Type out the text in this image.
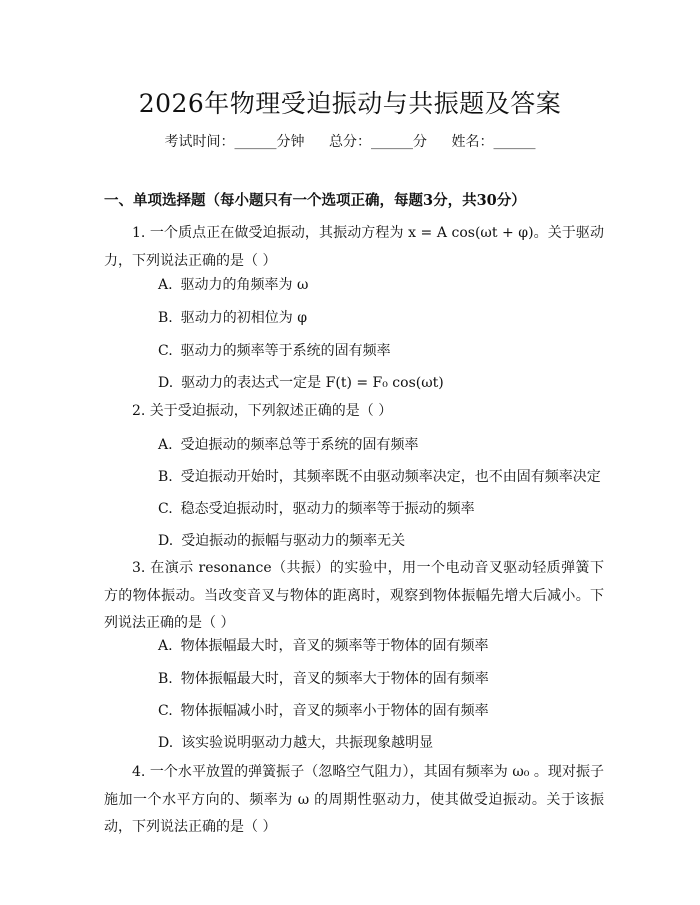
2026年物理受迫振动与共振题及答案
考试时间：______分钟 总分：______分 姓名：______
一、单项选择题（每小题只有一个选项正确，每题3分，共30分）
1. 一个质点正在做受迫振动，其振动方程为 x = A cos(ωt + φ)。关于驱动力，下列说法正确的是（ ）
A. 驱动力的角频率为 ω
B. 驱动力的初相位为 φ
C. 驱动力的频率等于系统的固有频率
D. 驱动力的表达式一定是 F(t) = F₀ cos(ωt)
2. 关于受迫振动，下列叙述正确的是（ ）
A. 受迫振动的频率总等于系统的固有频率
B. 受迫振动开始时，其频率既不由驱动频率决定，也不由固有频率决定
C. 稳态受迫振动时，驱动力的频率等于振动的频率
D. 受迫振动的振幅与驱动力的频率无关
3. 在演示 resonance（共振）的实验中，用一个电动音叉驱动轻质弹簧下方的物体振动。当改变音叉与物体的距离时，观察到物体振幅先增大后减小。下列说法正确的是（ ）
A. 物体振幅最大时，音叉的频率等于物体的固有频率
B. 物体振幅最大时，音叉的频率大于物体的固有频率
C. 物体振幅减小时，音叉的频率小于物体的固有频率
D. 该实验说明驱动力越大，共振现象越明显
4. 一个水平放置的弹簧振子（忽略空气阻力），其固有频率为 ω₀ 。现对振子施加一个水平方向的、频率为 ω 的周期性驱动力，使其做受迫振动。关于该振动，下列说法正确的是（ ）
